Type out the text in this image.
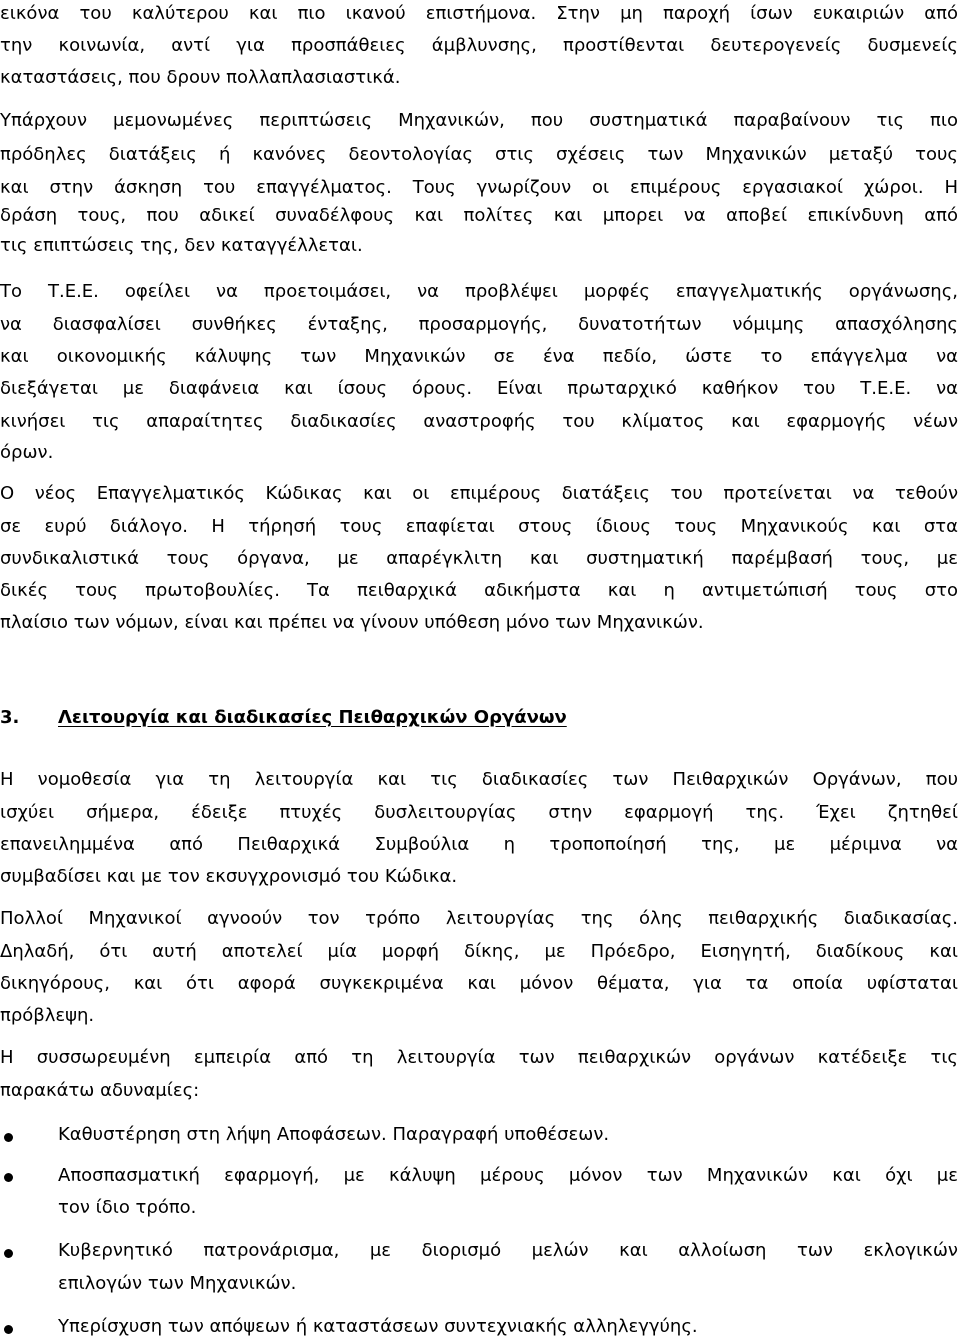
εικόνα του καλύτερου και πιο ικανού επιστήμονα. Στην μη παροχή ίσων ευκαιριών από
την κοινωνία, αντί για προσπάθειες άμβλυνσης, προστίθενται δευτερογενείς δυσμενείς
καταστάσεις, που δρουν πολλαπλασιαστικά.
Υπάρχουν μεμονωμένες περιπτώσεις Μηχανικών, που συστηματικά παραβαίνουν τις πιο
πρόδηλες διατάξεις ή κανόνες δεοντολογίας στις σχέσεις των Μηχανικών μεταξύ τους
και στην άσκηση του επαγγέλματος. Τους γνωρίζουν οι επιμέρους εργασιακοί χώροι. Η
δράση τους, που αδικεί συναδέλφους και πολίτες και μπορει να αποβεί επικίνδυνη από
τις επιπτώσεις της, δεν καταγγέλλεται.
Το Τ.Ε.Ε. οφείλει να προετοιμάσει, να προβλέψει μορφές επαγγελματικής οργάνωσης,
να διασφαλίσει συνθήκες ένταξης, προσαρμογής, δυνατοτήτων νόμιμης απασχόλησης
και οικονομικής κάλυψης των Μηχανικών σε ένα πεδίο, ώστε το επάγγελμα να
διεξάγεται με διαφάνεια και ίσους όρους. Είναι πρωταρχικό καθήκον του Τ.Ε.Ε. να
κινήσει τις απαραίτητες διαδικασίες αναστροφής του κλίματος και εφαρμογής νέων
όρων.
Ο νέος Επαγγελματικός Κώδικας και οι επιμέρους διατάξεις του προτείνεται να τεθούν
σε ευρύ διάλογο. Η τήρησή τους επαφίεται στους ίδιους τους Μηχανικούς και στα
συνδικαλιστικά τους όργανα, με απαρέγκλιτη και συστηματική παρέμβασή τους, με
δικές τους πρωτοβουλίες. Τα πειθαρχικά αδικήμστα και η αντιμετώπισή τους στο
πλαίσιο των νόμων, είναι και πρέπει να γίνουν υπόθεση μόνο των Μηχανικών.
3. Λειτουργία και διαδικασίες Πειθαρχικών Οργάνων
Η νομοθεσία για τη λειτουργία και τις διαδικασίες των Πειθαρχικών Οργάνων, που
ισχύει σήμερα, έδειξε πτυχές δυσλειτουργίας στην εφαρμογή της. Έχει ζητηθεί
επανειλημμένα από Πειθαρχικά Συμβούλια η τροποποίησή της, με μέριμνα να
συμβαδίσει και με τον εκσυγχρονισμό του Κώδικα.
Πολλοί Μηχανικοί αγνοούν τον τρόπο λειτουργίας της όλης πειθαρχικής διαδικασίας.
Δηλαδή, ότι αυτή αποτελεί μία μορφή δίκης, με Πρόεδρο, Εισηγητή, διαδίκους και
δικηγόρους, και ότι αφορά συγκεκριμένα και μόνον θέματα, για τα οποία υφίσταται
πρόβλεψη.
Η συσσωρευμένη εμπειρία από τη λειτουργία των πειθαρχικών οργάνων κατέδειξε τις
παρακάτω αδυναμίες:
Καθυστέρηση στη λήψη Αποφάσεων. Παραγραφή υποθέσεων.
Αποσπασματική εφαρμογή, με κάλυψη μέρους μόνον των Μηχανικών και όχι με
τον ίδιο τρόπο.
Κυβερνητικό πατρονάρισμα, με διορισμό μελών και αλλοίωση των εκλογικών
επιλογών των Μηχανικών.
Υπερίσχυση των απόψεων ή καταστάσεων συντεχνιακής αλληλεγγύης.
